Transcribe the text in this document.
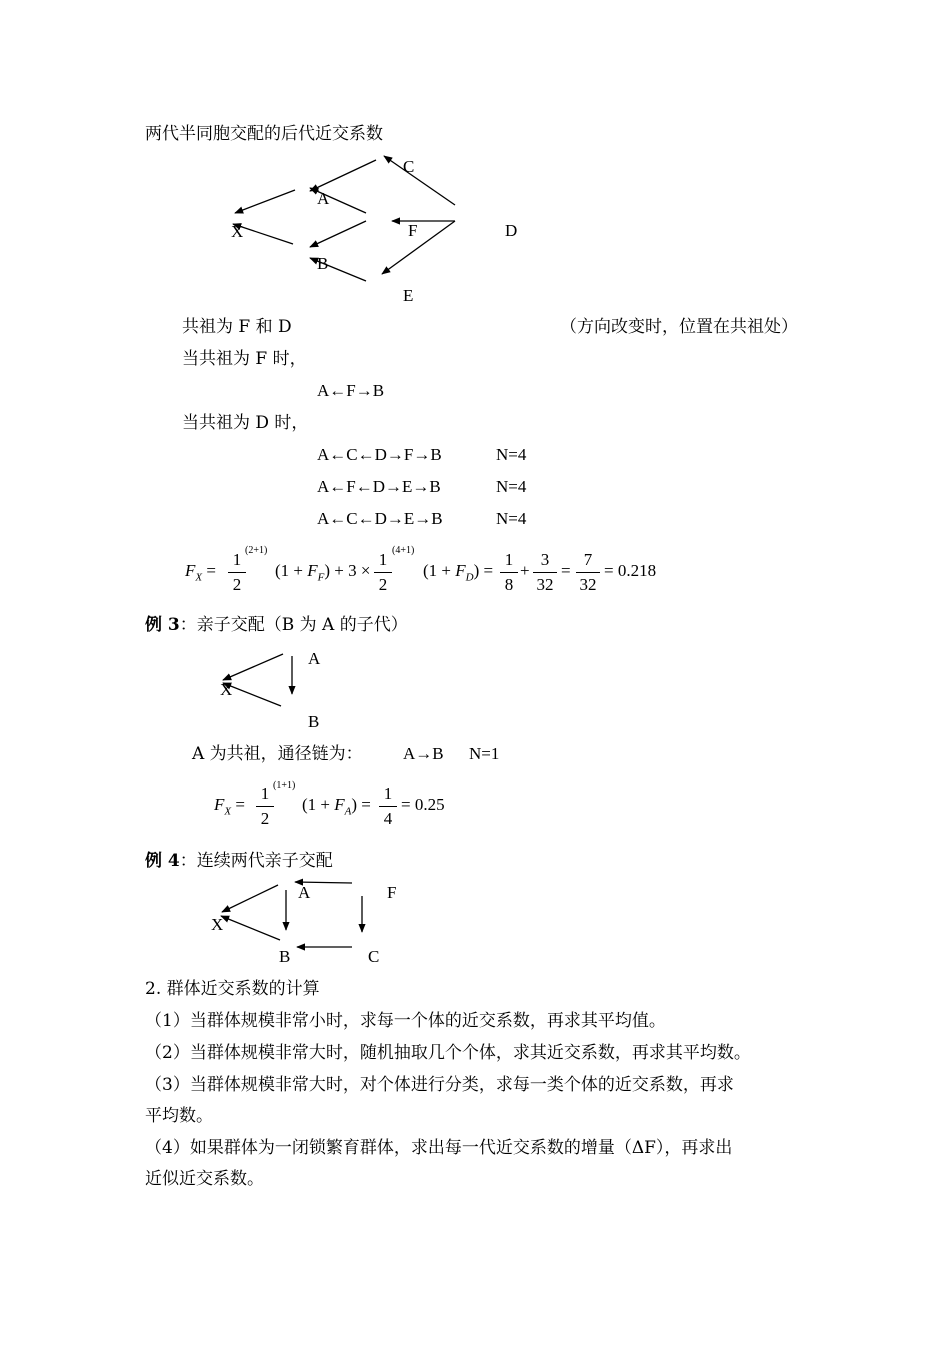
两代半同胞交配的后代近交系数
C
A
X	F	D
B
E
共祖为 F 和 D	（方向改变时，位置在共祖处）
当共祖为 F 时，
A←F→B
当共祖为 D 时，
A←C←D→F→B	N=4
A←F←D→E→B	N=4
A←C←D→E→B	N=4
$F_X$ =
1
2
(2+1)
$(1 + F_F) + 3$ ×
1
2
(4+1)
$(1 + F_D)$ =
1
8
+
3
32
=
7
32
= 0.218
例 3：亲子交配（B 为 A 的子代）
A
X
B
A 为共祖，通径链为： A→B N=1
$F_X$ =
1
2
(1+1)
$(1 + F_A)$ =
1
4
= 0.25
例 4：连续两代亲子交配
A	F
X
B	C
2. 群体近交系数的计算
（1）当群体规模非常小时，求每一个体的近交系数，再求其平均值。
（2）当群体规模非常大时，随机抽取几个个体，求其近交系数，再求其平均数。
（3）当群体规模非常大时，对个体进行分类，求每一类个体的近交系数，再求
平均数。
（4）如果群体为一闭锁繁育群体，求出每一代近交系数的增量（ΔF），再求出
近似近交系数。
